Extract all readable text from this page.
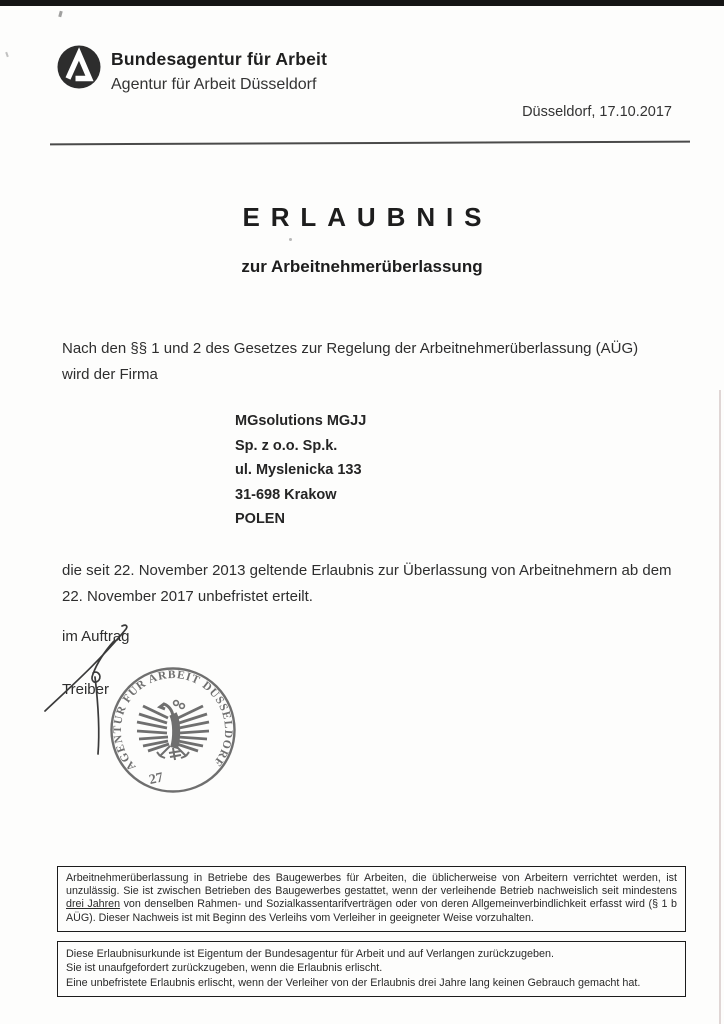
Bundesagentur für Arbeit
Agentur für Arbeit Düsseldorf
Düsseldorf, 17.10.2017
ERLAUBNIS
zur Arbeitnehmerüberlassung
Nach den §§ 1 und 2 des Gesetzes zur Regelung der Arbeitnehmerüberlassung (AÜG)
wird der Firma
MGsolutions MGJJ
Sp. z o.o. Sp.k.
ul. Myslenicka 133
31-698 Krakow
POLEN
die seit 22. November 2013 geltende Erlaubnis zur Überlassung von Arbeitnehmern ab dem
22. November 2017 unbefristet erteilt.
im Auftrag
Treiber
AGENTUR FÜR ARBEIT DÜSSELDORF
27
Arbeitnehmerüberlassung in Betriebe des Baugewerbes für Arbeiten, die üblicherweise von Arbeitern verrichtet werden, ist unzulässig. Sie ist zwischen Betrieben des Baugewerbes gestattet, wenn der verleihende Betrieb nachweislich seit mindestens drei Jahren von denselben Rahmen- und Sozialkassentarifverträgen oder von deren Allgemeinverbindlichkeit erfasst wird (§ 1 b AÜG). Dieser Nachweis ist mit Beginn des Verleihs vom Verleiher in geeigneter Weise vorzuhalten.
Diese Erlaubnisurkunde ist Eigentum der Bundesagentur für Arbeit und auf Verlangen zurückzugeben.
Sie ist unaufgefordert zurückzugeben, wenn die Erlaubnis erlischt.
Eine unbefristete Erlaubnis erlischt, wenn der Verleiher von der Erlaubnis drei Jahre lang keinen Gebrauch gemacht hat.
